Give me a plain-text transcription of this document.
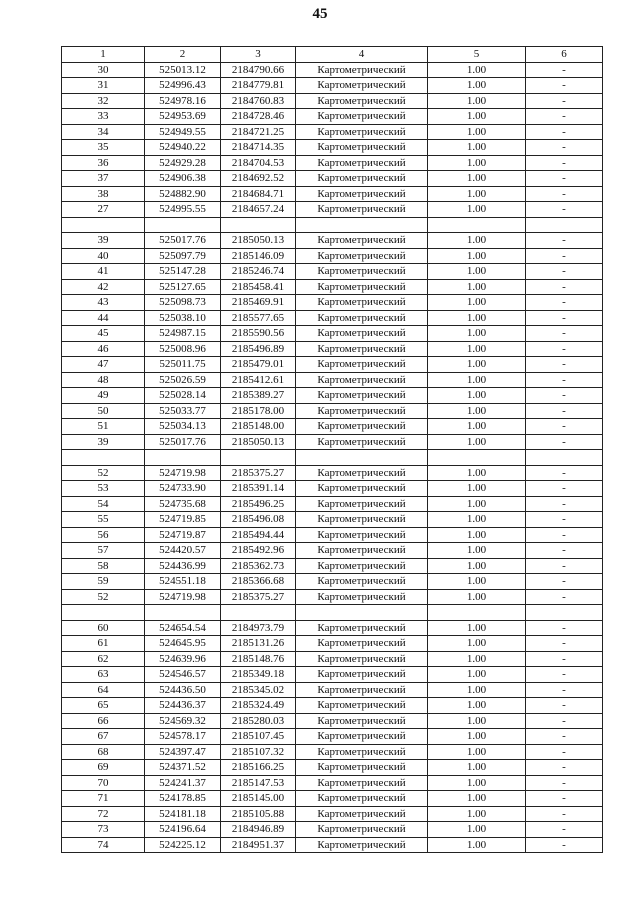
45
1	2	3	4	5	6
30	525013.12	2184790.66	Картометрический	1.00	-
31	524996.43	2184779.81	Картометрический	1.00	-
32	524978.16	2184760.83	Картометрический	1.00	-
33	524953.69	2184728.46	Картометрический	1.00	-
34	524949.55	2184721.25	Картометрический	1.00	-
35	524940.22	2184714.35	Картометрический	1.00	-
36	524929.28	2184704.53	Картометрический	1.00	-
37	524906.38	2184692.52	Картометрический	1.00	-
38	524882.90	2184684.71	Картометрический	1.00	-
27	524995.55	2184657.24	Картометрический	1.00	-

39	525017.76	2185050.13	Картометрический	1.00	-
40	525097.79	2185146.09	Картометрический	1.00	-
41	525147.28	2185246.74	Картометрический	1.00	-
42	525127.65	2185458.41	Картометрический	1.00	-
43	525098.73	2185469.91	Картометрический	1.00	-
44	525038.10	2185577.65	Картометрический	1.00	-
45	524987.15	2185590.56	Картометрический	1.00	-
46	525008.96	2185496.89	Картометрический	1.00	-
47	525011.75	2185479.01	Картометрический	1.00	-
48	525026.59	2185412.61	Картометрический	1.00	-
49	525028.14	2185389.27	Картометрический	1.00	-
50	525033.77	2185178.00	Картометрический	1.00	-
51	525034.13	2185148.00	Картометрический	1.00	-
39	525017.76	2185050.13	Картометрический	1.00	-

52	524719.98	2185375.27	Картометрический	1.00	-
53	524733.90	2185391.14	Картометрический	1.00	-
54	524735.68	2185496.25	Картометрический	1.00	-
55	524719.85	2185496.08	Картометрический	1.00	-
56	524719.87	2185494.44	Картометрический	1.00	-
57	524420.57	2185492.96	Картометрический	1.00	-
58	524436.99	2185362.73	Картометрический	1.00	-
59	524551.18	2185366.68	Картометрический	1.00	-
52	524719.98	2185375.27	Картометрический	1.00	-

60	524654.54	2184973.79	Картометрический	1.00	-
61	524645.95	2185131.26	Картометрический	1.00	-
62	524639.96	2185148.76	Картометрический	1.00	-
63	524546.57	2185349.18	Картометрический	1.00	-
64	524436.50	2185345.02	Картометрический	1.00	-
65	524436.37	2185324.49	Картометрический	1.00	-
66	524569.32	2185280.03	Картометрический	1.00	-
67	524578.17	2185107.45	Картометрический	1.00	-
68	524397.47	2185107.32	Картометрический	1.00	-
69	524371.52	2185166.25	Картометрический	1.00	-
70	524241.37	2185147.53	Картометрический	1.00	-
71	524178.85	2185145.00	Картометрический	1.00	-
72	524181.18	2185105.88	Картометрический	1.00	-
73	524196.64	2184946.89	Картометрический	1.00	-
74	524225.12	2184951.37	Картометрический	1.00	-
